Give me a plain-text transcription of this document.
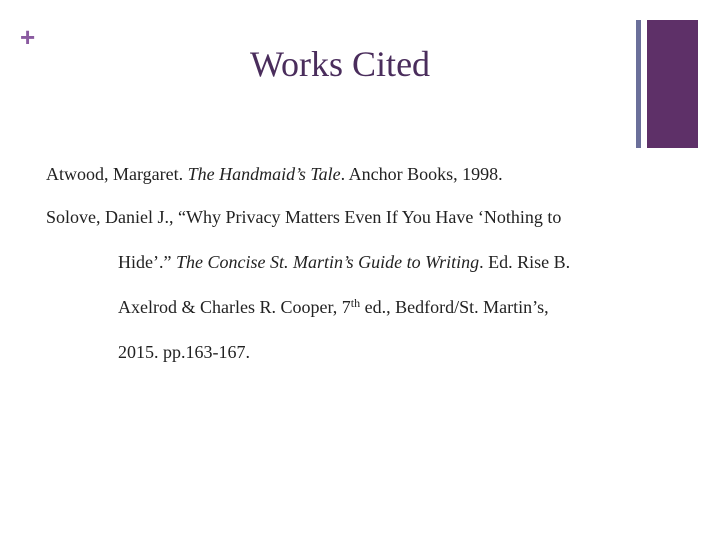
+
Works Cited
Atwood, Margaret. The Handmaid’s Tale. Anchor Books, 1998.
Solove, Daniel J., “Why Privacy Matters Even If You Have ‘Nothing to
Hide’.” The Concise St. Martin’s Guide to Writing. Ed. Rise B.
Axelrod & Charles R. Cooper, 7th ed., Bedford/St. Martin’s,
2015. pp.163-167.
